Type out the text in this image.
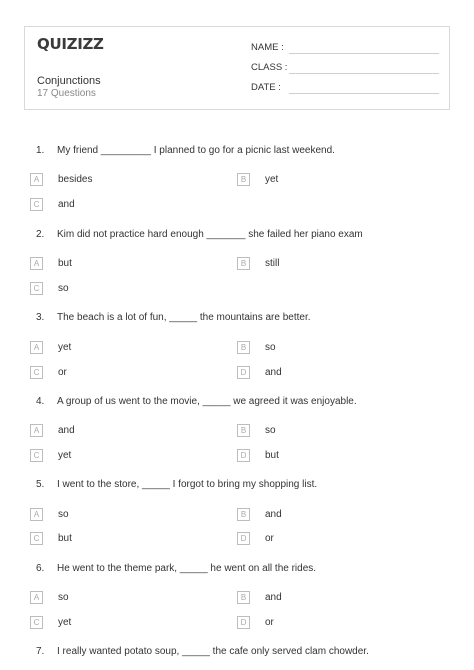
QUIZIZZ
Conjunctions
17 Questions
NAME :
CLASS :
DATE :
1. My friend _________ I planned to go for a picnic last weekend.
A	besides	B	yet
C	and
2. Kim did not practice hard enough _______ she failed her piano exam
A	but	B	still
C	so
3. The beach is a lot of fun, _____ the mountains are better.
A	yet	B	so
C	or	D	and
4. A group of us went to the movie, _____ we agreed it was enjoyable.
A	and	B	so
C	yet	D	but
5. I went to the store, _____ I forgot to bring my shopping list.
A	so	B	and
C	but	D	or
6. He went to the theme park, _____ he went on all the rides.
A	so	B	and
C	yet	D	or
7. I really wanted potato soup, _____ the cafe only served clam chowder.
